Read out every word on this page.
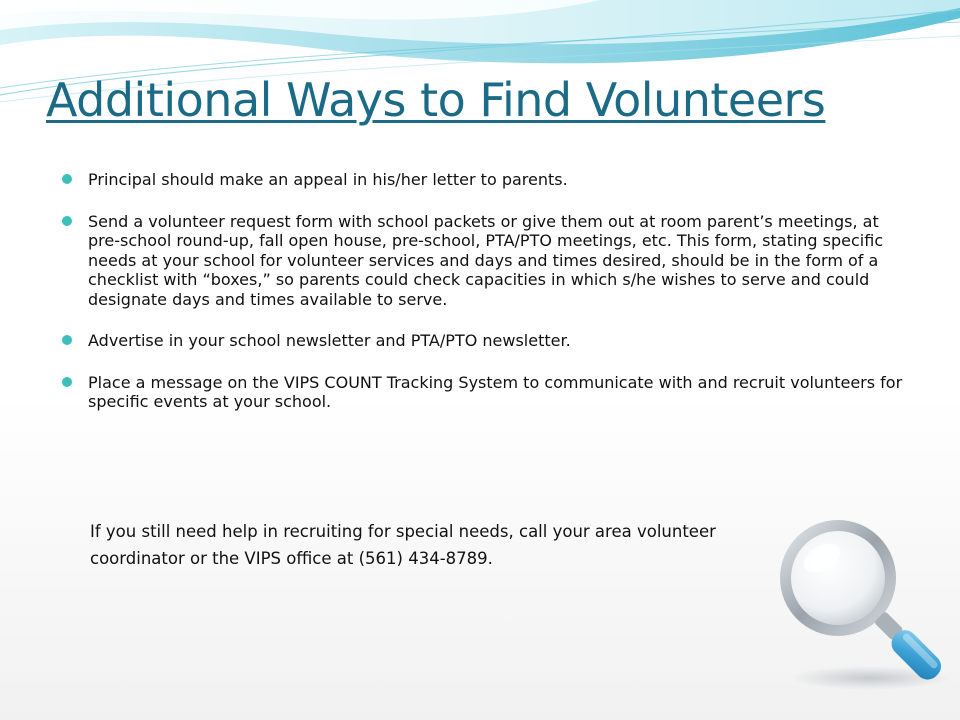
Additional Ways to Find Volunteers
Principal should make an appeal in his/her letter to parents.
Send a volunteer request form with school packets or give them out at room parent’s meetings, at pre-school round-up, fall open house, pre-school, PTA/PTO meetings, etc. This form, stating specific needs at your school for volunteer services and days and times desired, should be in the form of a checklist with “boxes,” so parents could check capacities in which s/he wishes to serve and could designate days and times available to serve.
Advertise in your school newsletter and PTA/PTO newsletter.
Place a message on the VIPS COUNT Tracking System to communicate with and recruit volunteers for specific events at your school.

If you still need help in recruiting for special needs, call your area volunteer
coordinator or the VIPS office at (561) 434-8789.
